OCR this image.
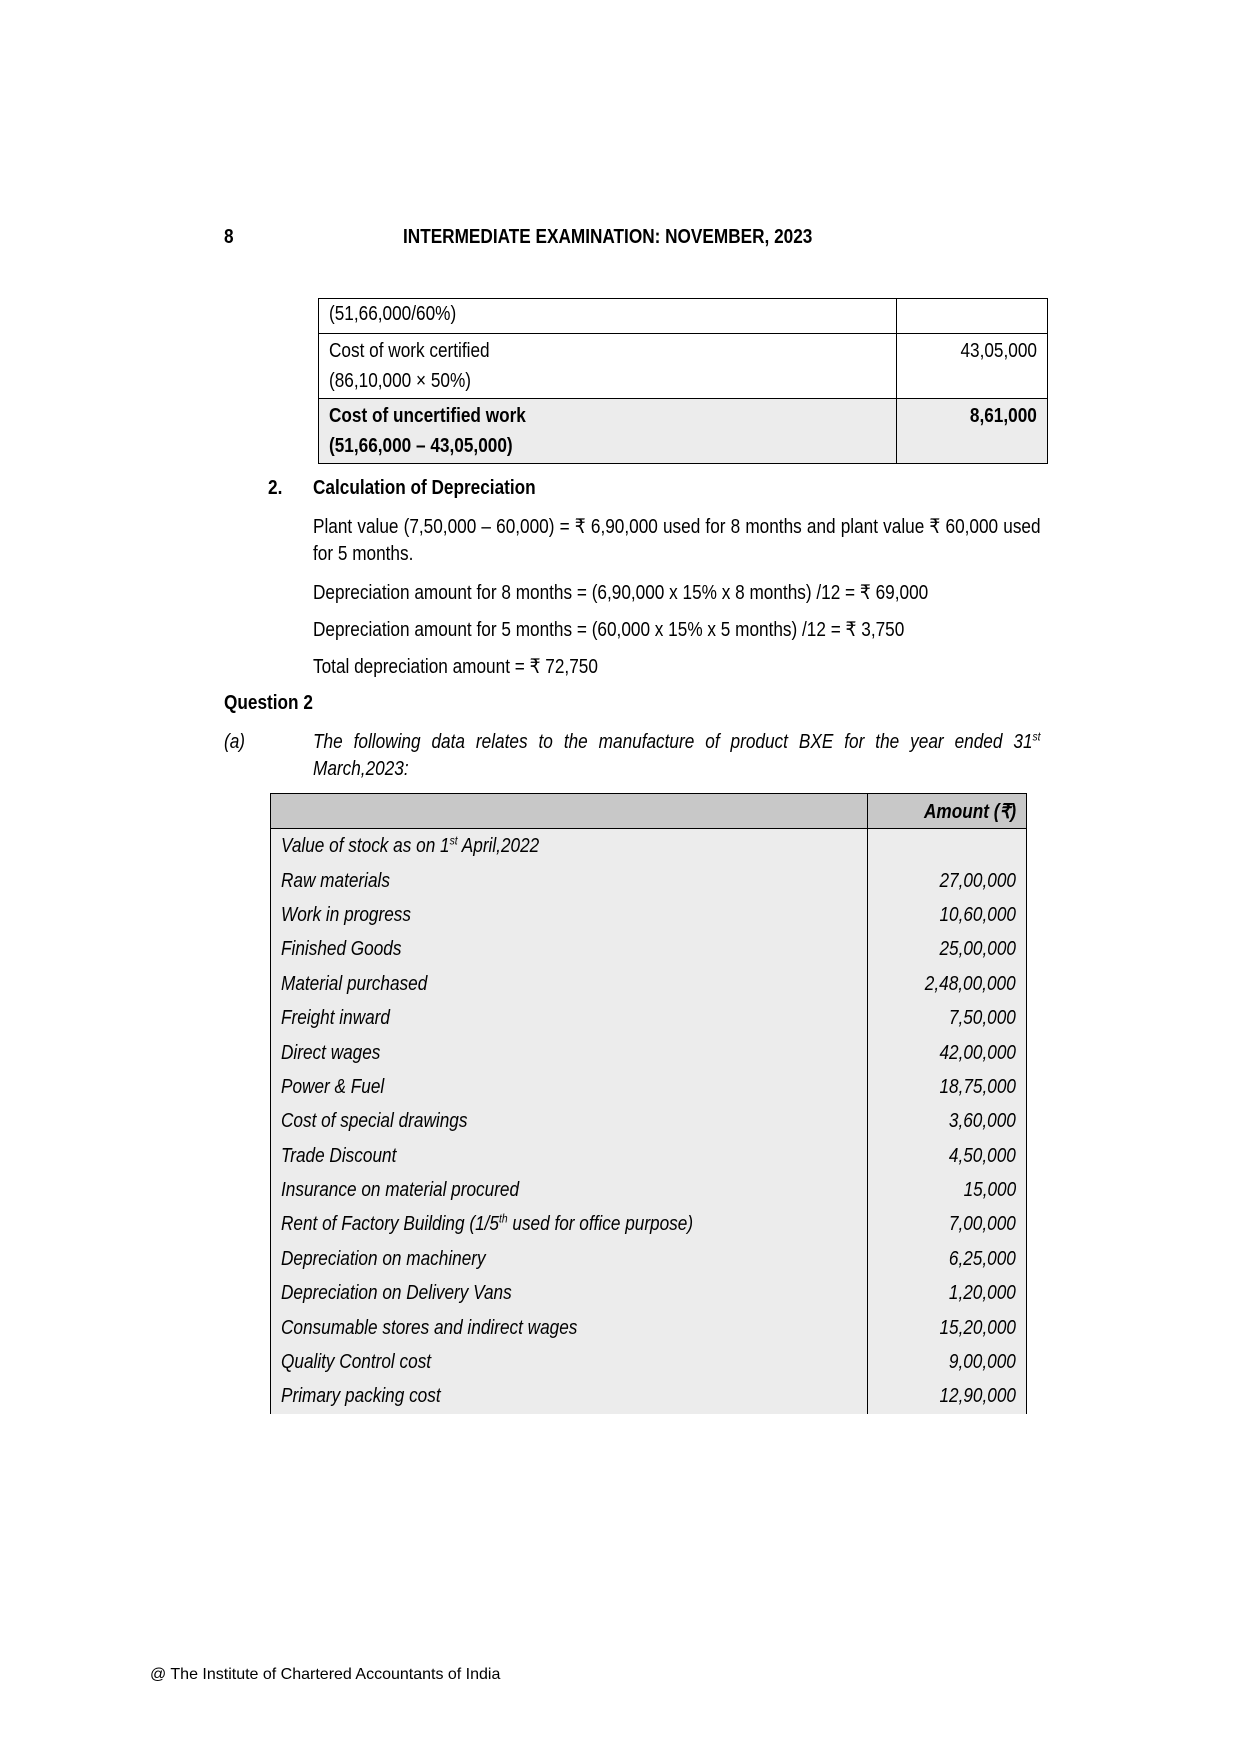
8	INTERMEDIATE EXAMINATION: NOVEMBER, 2023
(51,66,000/60%)	
Cost of work certified
(86,10,000 × 50%)	43,05,000
Cost of uncertified work
(51,66,000 – 43,05,000)	8,61,000
2. Calculation of Depreciation
Plant value (7,50,000 – 60,000) = ₹ 6,90,000 used for 8 months and plant value ₹ 60,000 used for 5 months.
Depreciation amount for 8 months = (6,90,000 x 15% x 8 months) /12 = ₹ 69,000
Depreciation amount for 5 months = (60,000 x 15% x 5 months) /12 = ₹ 3,750
Total depreciation amount = ₹ 72,750
Question 2
(a)	The following data relates to the manufacture of product BXE for the year ended 31st March,2023:
	Amount (₹)
Value of stock as on 1st April,2022	
Raw materials	27,00,000
Work in progress	10,60,000
Finished Goods	25,00,000
Material purchased	2,48,00,000
Freight inward	7,50,000
Direct wages	42,00,000
Power & Fuel	18,75,000
Cost of special drawings	3,60,000
Trade Discount	4,50,000
Insurance on material procured	15,000
Rent of Factory Building (1/5th used for office purpose)	7,00,000
Depreciation on machinery	6,25,000
Depreciation on Delivery Vans	1,20,000
Consumable stores and indirect wages	15,20,000
Quality Control cost	9,00,000
Primary packing cost	12,90,000
@ The Institute of Chartered Accountants of India
